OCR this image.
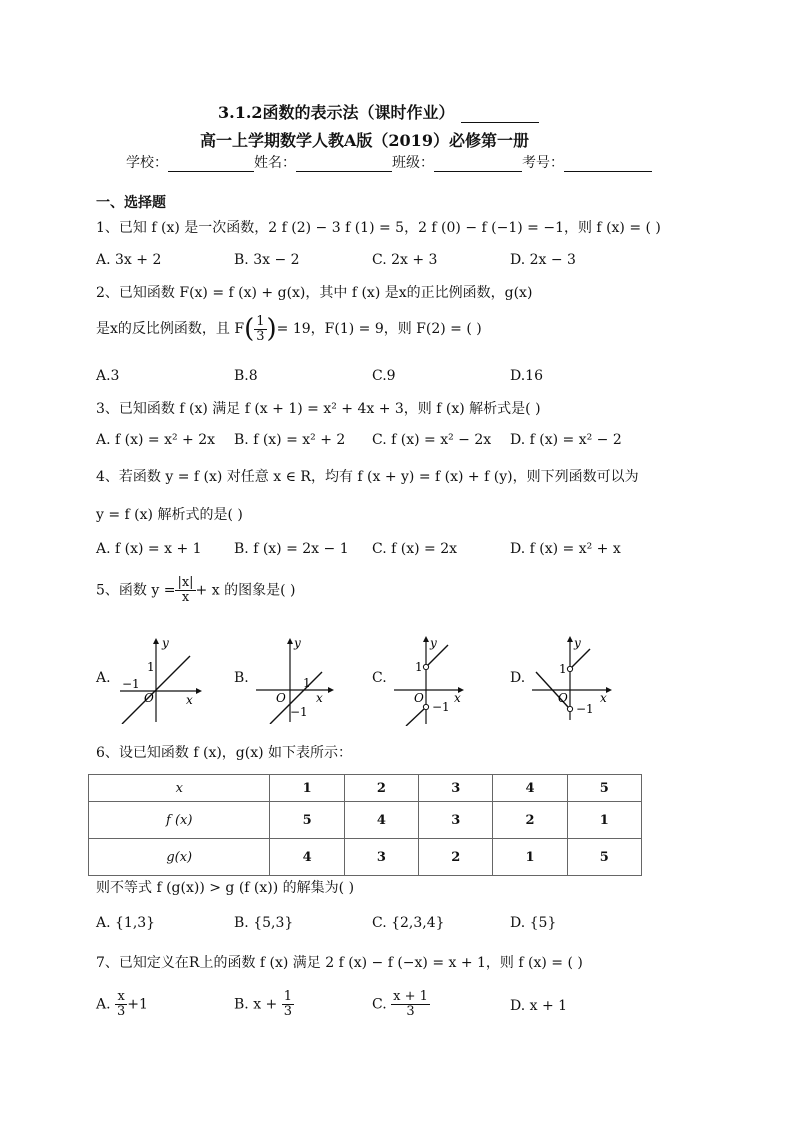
3.1.2函数的表示法（课时作业）
高一上学期数学人教A版（2019）必修第一册
学校：	姓名：	班级：	考号：
一、选择题
1、已知 f (x) 是一次函数，2 f (2) − 3 f (1) = 5，2 f (0) − f (−1) = −1，则 f (x) = ( )
A. 3x + 2	B. 3x − 2	C. 2x + 3	D. 2x − 3
2、已知函数 F(x) = f (x) + g(x)，其中 f (x) 是x的正比例函数，g(x)
是x的反比例函数，且 $F( \frac{1}{3}$ )= 19，F(1) = 9，则 F(2) = ( )
A.3	B.8	C.9	D.16
3、已知函数 f (x) 满足 f (x + 1) = x² + 4x + 3，则 f (x) 解析式是( )
A. f (x) = x² + 2x B. f (x) = x² + 2 C. f (x) = x² − 2x D. f (x) = x² − 2
4、若函数 y = f (x) 对任意 x ∈ R，均有 f (x + y) = f (x) + f (y)，则下列函数可以为
y = f (x) 解析式的是( )
A. f (x) = x + 1 B. f (x) = 2x − 1 C. f (x) = 2x	D. f (x) = x² + x
5、函数 $y = \frac{|x|}{x} + x$ 的图象是( )
A.	B.	C.	D.
y
x
O
1
−1
y
x
O
1
−1
y
x
O
1
−1
y
x
O
1
−1
6、设已知函数 f (x)，g(x) 如下表所示：
x	1	2	3	4	5
f (x)	5	4	3	2	1
g(x)	4	3	2	1	5
则不等式 f (g(x)) > g (f (x)) 的解集为( )
A. {1,3}	B. {5,3}	C. {2,3,4}	D. {5}
7、已知定义在R上的函数 f (x) 满足 2 f (x) − f (−x) = x + 1，则 f (x) = ( )
A. $\frac{x}{3} +1$	B. $x + \frac{1}{3}$	C. $\frac{x + 1}{3}$	D. x + 1
